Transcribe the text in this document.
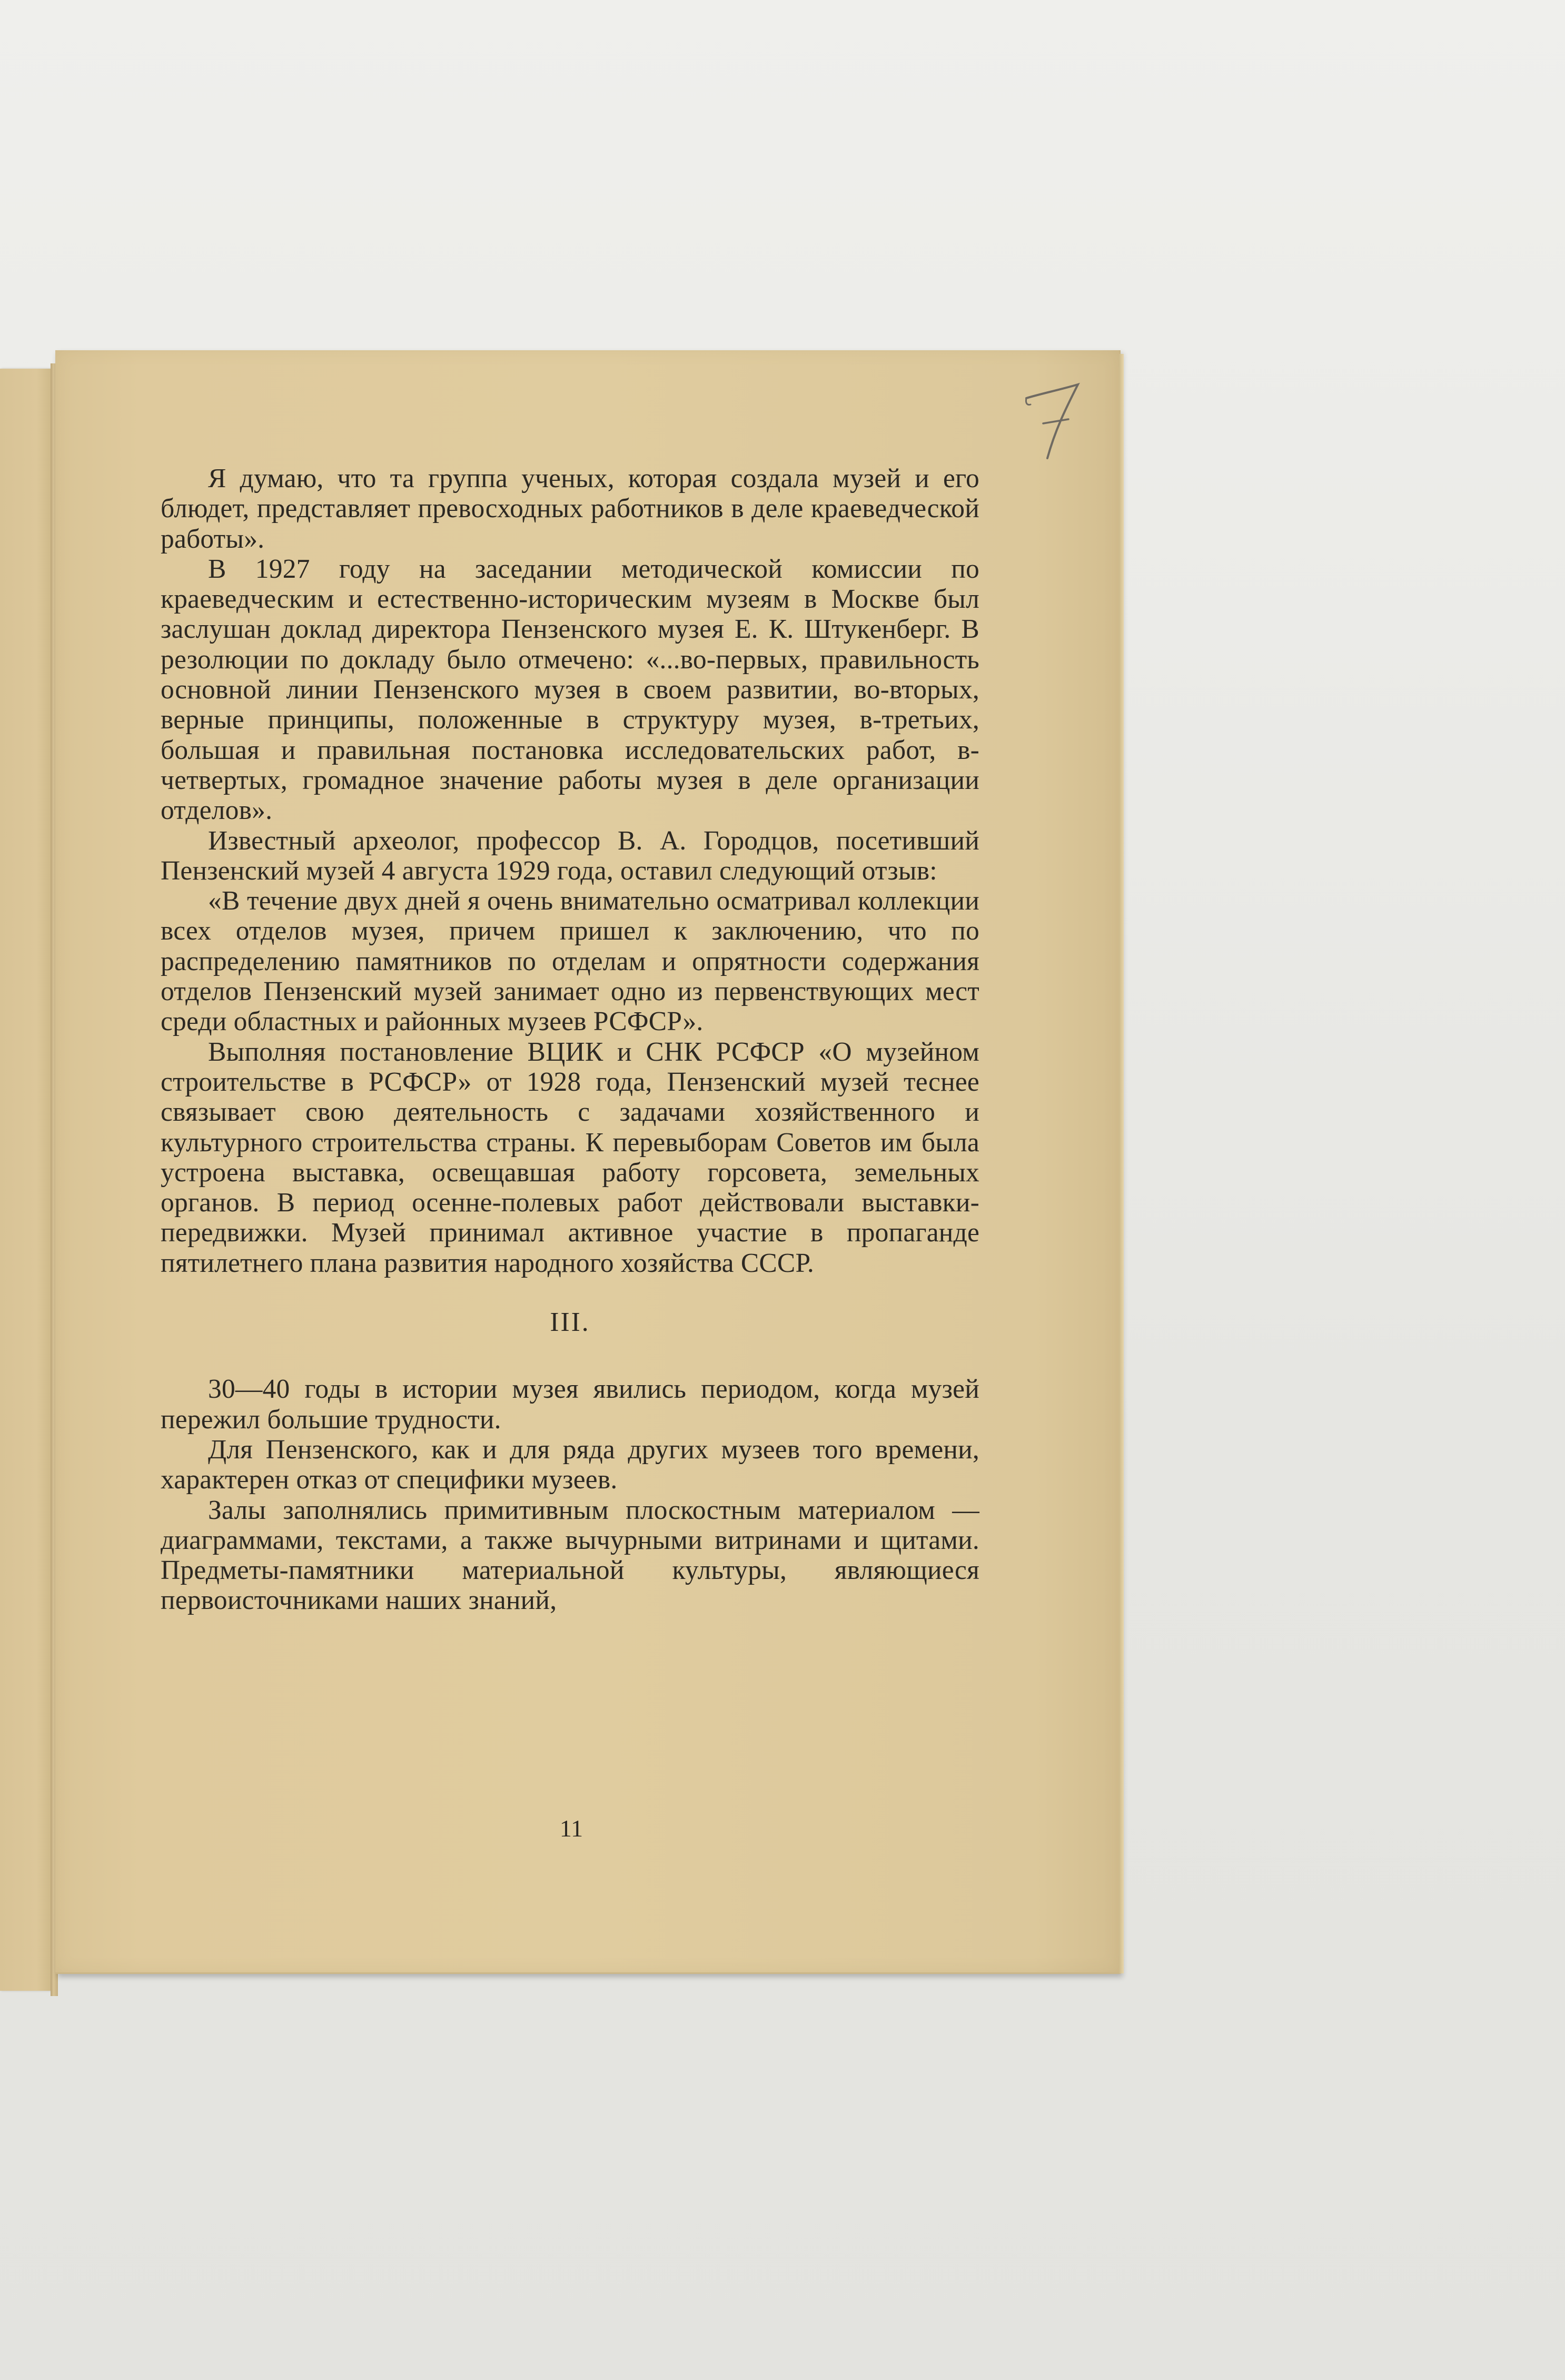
Я думаю, что та группа ученых, которая создала музей и его блюдет, представляет превосходных работников в деле краеведческой работы».

В 1927 году на заседании методической комиссии по краеведческим и естественно-историческим музеям в Москве был заслушан доклад директора Пензенского музея Е. К. Штукенберг. В резолюции по докладу было отмечено: «...во-первых, правильность основной линии Пензенского музея в своем развитии, во-вторых, верные принципы, положенные в структуру музея, в-третьих, большая и правильная постановка исследовательских работ, в-четвертых, громадное значение работы музея в деле организации отделов».

Известный археолог, профессор В. А. Городцов, посетивший Пензенский музей 4 августа 1929 года, оставил следующий отзыв:

«В течение двух дней я очень внимательно осматривал коллекции всех отделов музея, причем пришел к заключению, что по распределению памятников по отделам и опрятности содержания отделов Пензенский музей занимает одно из первенствующих мест среди областных и районных музеев РСФСР».

Выполняя постановление ВЦИК и СНК РСФСР «О музейном строительстве в РСФСР» от 1928 года, Пензенский музей теснее связывает свою деятельность с задачами хозяйственного и культурного строительства страны. К перевыборам Советов им была устроена выставка, освещавшая работу горсовета, земельных органов. В период осенне-полевых работ действовали выставки-передвижки. Музей принимал активное участие в пропаганде пятилетнего плана развития народного хозяйства СССР.

III.

30—40 годы в истории музея явились периодом, когда музей пережил большие трудности.

Для Пензенского, как и для ряда других музеев того времени, характерен отказ от специфики музеев.

Залы заполнялись примитивным плоскостным материалом — диаграммами, текстами, а также вычурными витринами и щитами. Предметы-памятники материальной культуры, являющиеся первоисточниками наших знаний,

11
